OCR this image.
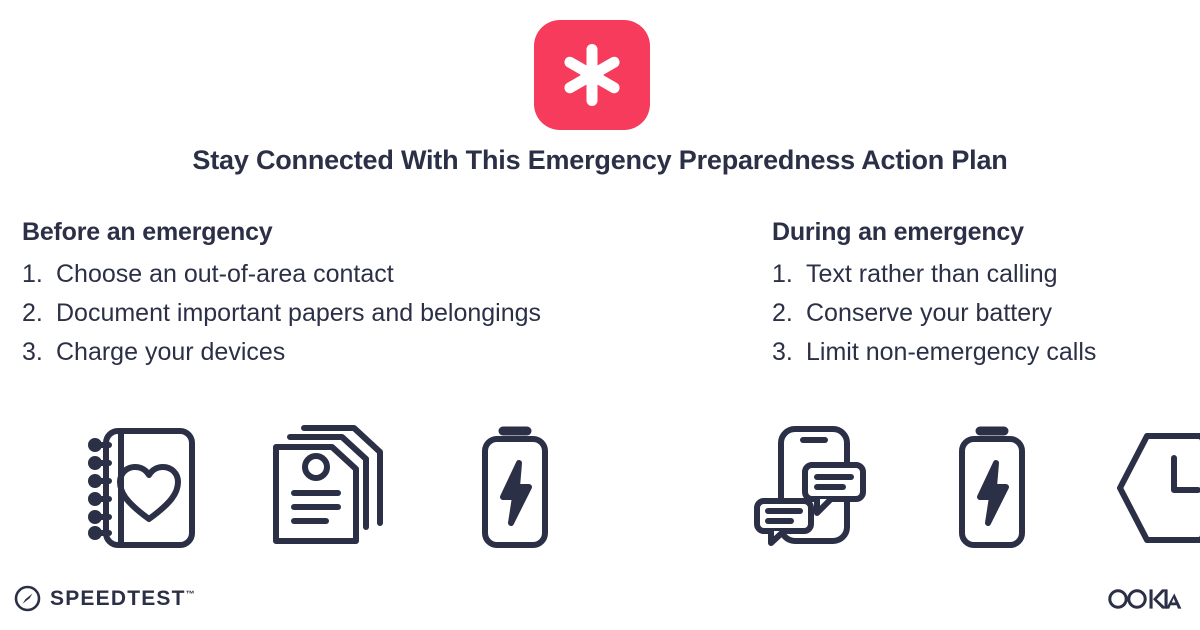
Stay Connected With This Emergency Preparedness Action Plan
Before an emergency
1. Choose an out-of-area contact
2. Document important papers and belongings
3. Charge your devices
During an emergency
1. Text rather than calling
2. Conserve your battery
3. Limit non-emergency calls
SPEEDTEST™
